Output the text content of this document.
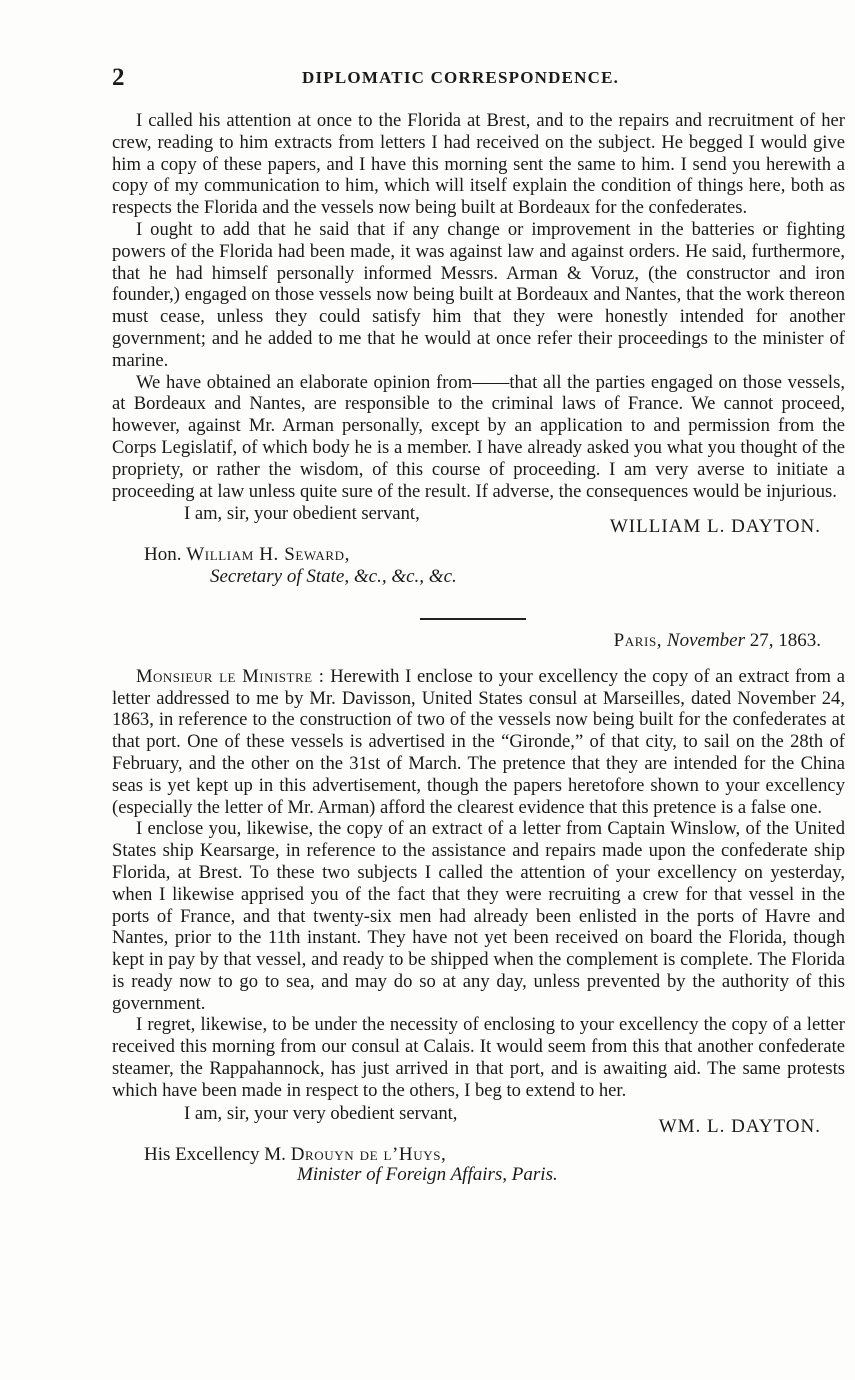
2	DIPLOMATIC CORRESPONDENCE.

I called his attention at once to the Florida at Brest, and to the repairs and recruitment of her crew, reading to him extracts from letters I had received on the subject. He begged I would give him a copy of these papers, and I have this morning sent the same to him. I send you herewith a copy of my communication to him, which will itself explain the condition of things here, both as respects the Florida and the vessels now being built at Bordeaux for the confederates.

I ought to add that he said that if any change or improvement in the batteries or fighting powers of the Florida had been made, it was against law and against orders. He said, furthermore, that he had himself personally informed Messrs. Arman & Voruz, (the constructor and iron founder,) engaged on those vessels now being built at Bordeaux and Nantes, that the work thereon must cease, unless they could satisfy him that they were honestly intended for another government; and he added to me that he would at once refer their proceedings to the minister of marine.

We have obtained an elaborate opinion from——that all the parties engaged on those vessels, at Bordeaux and Nantes, are responsible to the criminal laws of France. We cannot proceed, however, against Mr. Arman personally, except by an application to and permission from the Corps Legislatif, of which body he is a member. I have already asked you what you thought of the propriety, or rather the wisdom, of this course of proceeding. I am very averse to initiate a proceeding at law unless quite sure of the result. If adverse, the consequences would be injurious.

I am, sir, your obedient servant,

WILLIAM L. DAYTON.
Hon. William H. Seward,
Secretary of State, &c., &c., &c.
Paris, November 27, 1863.

Monsieur le Ministre : Herewith I enclose to your excellency the copy of an extract from a letter addressed to me by Mr. Davisson, United States consul at Marseilles, dated November 24, 1863, in reference to the construction of two of the vessels now being built for the confederates at that port. One of these vessels is advertised in the “Gironde,” of that city, to sail on the 28th of February, and the other on the 31st of March. The pretence that they are intended for the China seas is yet kept up in this advertisement, though the papers heretofore shown to your excellency (especially the letter of Mr. Arman) afford the clearest evidence that this pretence is a false one.

I enclose you, likewise, the copy of an extract of a letter from Captain Winslow, of the United States ship Kearsarge, in reference to the assistance and repairs made upon the confederate ship Florida, at Brest. To these two subjects I called the attention of your excellency on yesterday, when I likewise apprised you of the fact that they were recruiting a crew for that vessel in the ports of France, and that twenty-six men had already been enlisted in the ports of Havre and Nantes, prior to the 11th instant. They have not yet been received on board the Florida, though kept in pay by that vessel, and ready to be shipped when the complement is complete. The Florida is ready now to go to sea, and may do so at any day, unless prevented by the authority of this government.

I regret, likewise, to be under the necessity of enclosing to your excellency the copy of a letter received this morning from our consul at Calais. It would seem from this that another confederate steamer, the Rappahannock, has just arrived in that port, and is awaiting aid. The same protests which have been made in respect to the others, I beg to extend to her.

I am, sir, your very obedient servant,

WM. L. DAYTON.
His Excellency M. Drouyn de l’Huys,
Minister of Foreign Affairs, Paris.
